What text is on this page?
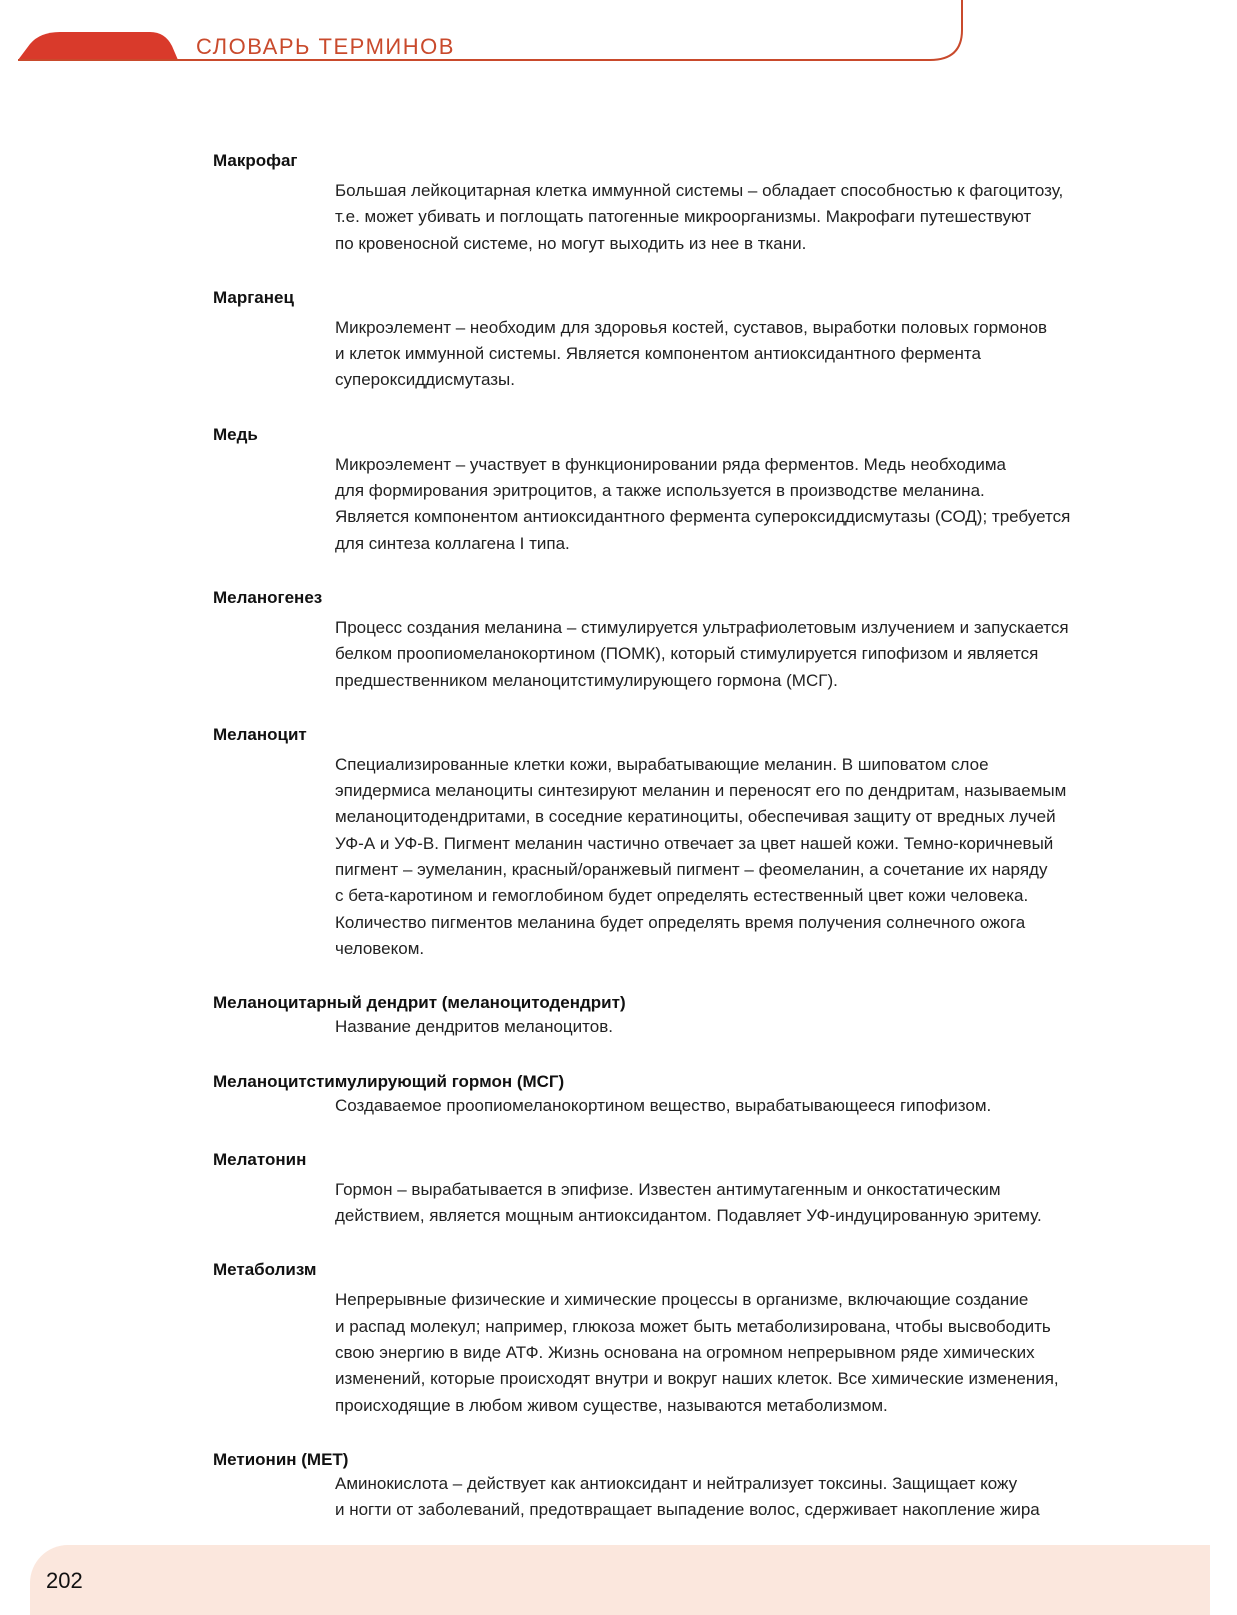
СЛОВАРЬ ТЕРМИНОВ
Макрофаг
Большая лейкоцитарная клетка иммунной системы – обладает способностью к фагоцитозу,
т.е. может убивать и поглощать патогенные микроорганизмы. Макрофаги путешествуют
по кровеносной системе, но могут выходить из нее в ткани.
Марганец
Микроэлемент – необходим для здоровья костей, суставов, выработки половых гормонов
и клеток иммунной системы. Является компонентом антиоксидантного фермента
супероксиддисмутазы.
Медь
Микроэлемент – участвует в функционировании ряда ферментов. Медь необходима
для формирования эритроцитов, а также используется в производстве меланина.
Является компонентом антиоксидантного фермента супероксиддисмутазы (СОД); требуется
для синтеза коллагена I типа.
Меланогенез
Процесс создания меланина – стимулируется ультрафиолетовым излучением и запускается
белком проопиомеланокортином (ПОМК), который стимулируется гипофизом и является
предшественником меланоцитстимулирующего гормона (МСГ).
Меланоцит
Специализированные клетки кожи, вырабатывающие меланин. В шиповатом слое
эпидермиса меланоциты синтезируют меланин и переносят его по дендритам, называемым
меланоцитодендритами, в соседние кератиноциты, обеспечивая защиту от вредных лучей
УФ-А и УФ-В. Пигмент меланин частично отвечает за цвет нашей кожи. Темно-коричневый
пигмент – эумеланин, красный/оранжевый пигмент – феомеланин, а сочетание их наряду
с бета-каротином и гемоглобином будет определять естественный цвет кожи человека.
Количество пигментов меланина будет определять время получения солнечного ожога
человеком.
Меланоцитарный дендрит (меланоцитодендрит)
Название дендритов меланоцитов.
Меланоцитстимулирующий гормон (МСГ)
Создаваемое проопиомеланокортином вещество, вырабатывающееся гипофизом.
Мелатонин
Гормон – вырабатывается в эпифизе. Известен антимутагенным и онкостатическим
действием, является мощным антиоксидантом. Подавляет УФ-индуцированную эритему.
Метаболизм
Непрерывные физические и химические процессы в организме, включающие создание
и распад молекул; например, глюкоза может быть метаболизирована, чтобы высвободить
свою энергию в виде АТФ. Жизнь основана на огромном непрерывном ряде химических
изменений, которые происходят внутри и вокруг наших клеток. Все химические изменения,
происходящие в любом живом существе, называются метаболизмом.
Метионин (МЕТ)
Аминокислота – действует как антиоксидант и нейтрализует токсины. Защищает кожу
и ногти от заболеваний, предотвращает выпадение волос, сдерживает накопление жира
202
